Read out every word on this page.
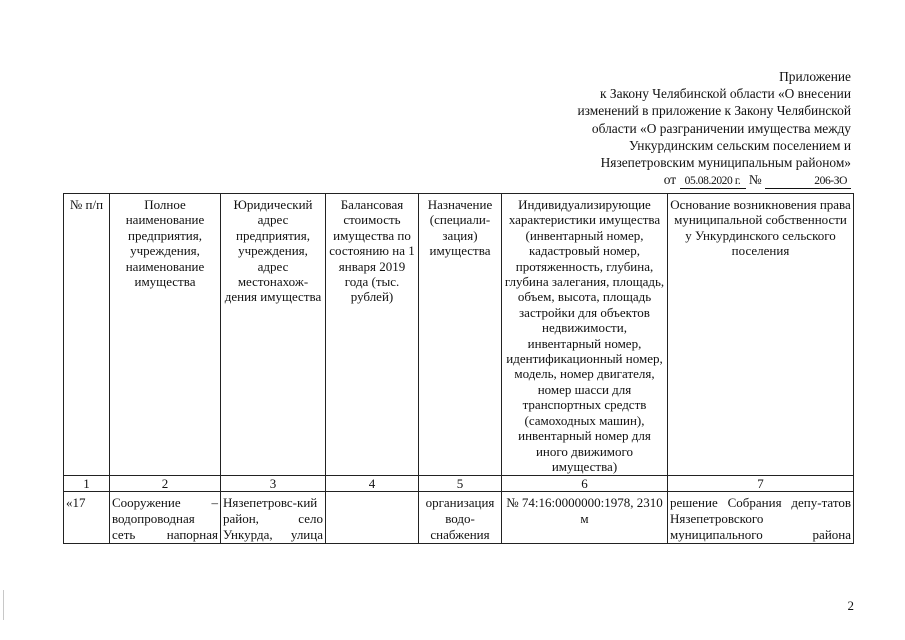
Приложение
к Закону Челябинской области «О внесении
изменений в приложение к Закону Челябинской
области «О разграничении имущества между
Ункурдинским сельским поселением и
Нязепетровским муниципальным районом»
от 05.08.2020 г. №	206-ЗО
№ п/п	Полное наименование предприятия, учреждения, наименование имущества	Юридический адрес предприятия, учреждения, адрес местонахож-дения имущества	Балансовая стоимость имущества по состоянию на 1 января 2019 года (тыс. рублей)	Назначение (специали-зация) имущества	Индивидуализирующие характеристики имущества (инвентарный номер, кадастровый номер, протяженность, глубина, глубина залегания, площадь, объем, высота, площадь застройки для объектов недвижимости, инвентарный номер, идентификационный номер, модель, номер двигателя, номер шасси для транспортных средств (самоходных машин), инвентарный номер для иного движимого имущества)	Основание возникновения права муниципальной собственности у Ункурдинского сельского поселения
1	2	3	4	5	6	7
«17	Сооружение – водопроводная сеть напорная	Нязепетровс-кий район, село Ункурда, улица		организация водо-снабжения	№ 74:16:0000000:1978, 2310 м	решение Собрания депу-татов Нязепетровского муниципального района
2
